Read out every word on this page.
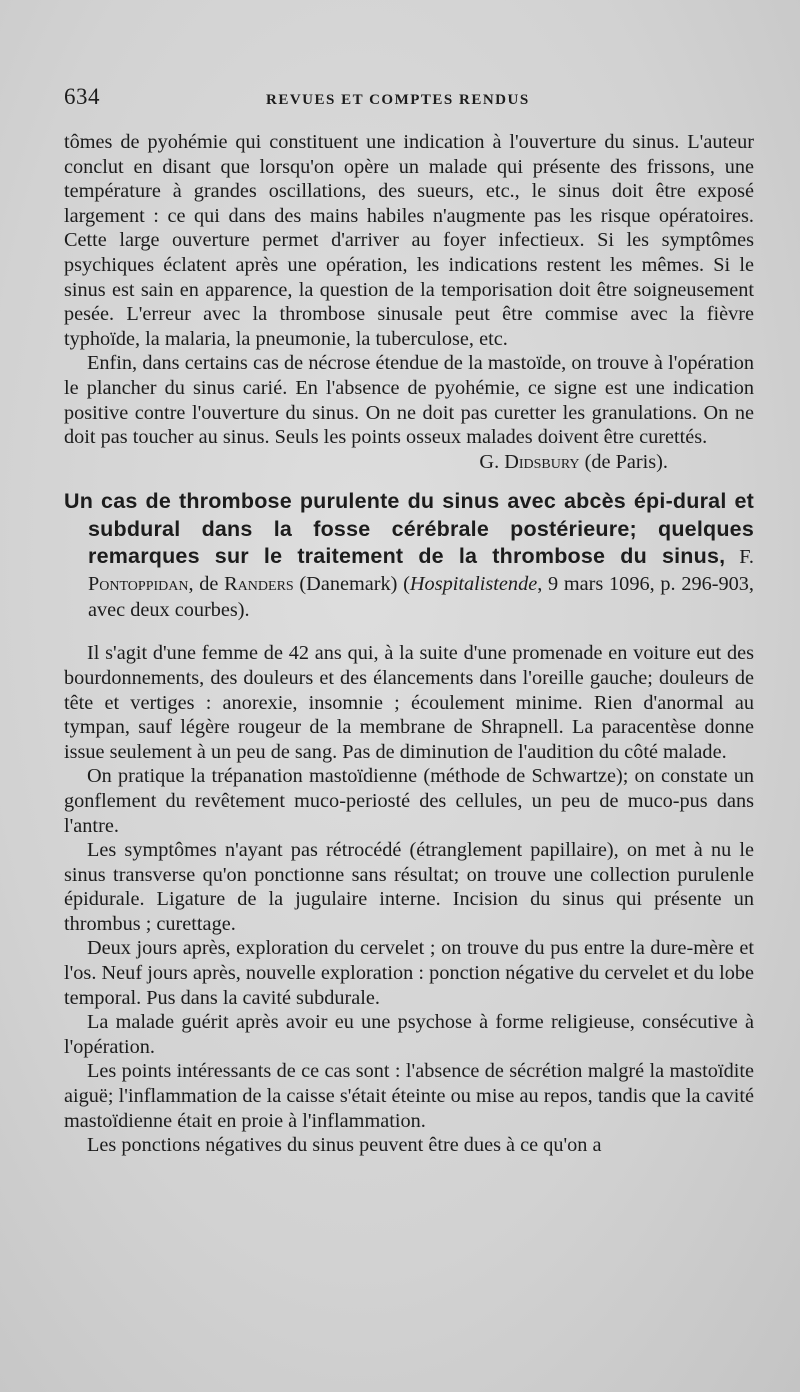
634	REVUES ET COMPTES RENDUS

tômes de pyohémie qui constituent une indication à l'ouverture du sinus. L'auteur conclut en disant que lorsqu'on opère un malade qui présente des frissons, une température à grandes oscillations, des sueurs, etc., le sinus doit être exposé largement : ce qui dans des mains habiles n'augmente pas les risque opératoires. Cette large ouverture permet d'arriver au foyer infectieux. Si les symptômes psychiques éclatent après une opération, les indications restent les mêmes. Si le sinus est sain en apparence, la question de la temporisation doit être soigneusement pesée. L'erreur avec la thrombose sinusale peut être commise avec la fièvre typhoïde, la malaria, la pneumonie, la tuberculose, etc.

Enfin, dans certains cas de nécrose étendue de la mastoïde, on trouve à l'opération le plancher du sinus carié. En l'absence de pyohémie, ce signe est une indication positive contre l'ouverture du sinus. On ne doit pas curetter les granulations. On ne doit pas toucher au sinus. Seuls les points osseux malades doivent être curettés.

G. Didsbury (de Paris).

Un cas de thrombose purulente du sinus avec abcès épi-dural et subdural dans la fosse cérébrale postérieure; quelques remarques sur le traitement de la thrombose du sinus, F. Pontoppidan, de Randers (Danemark) (Hospitalistende, 9 mars 1096, p. 296-903, avec deux courbes).

Il s'agit d'une femme de 42 ans qui, à la suite d'une promenade en voiture eut des bourdonnements, des douleurs et des élancements dans l'oreille gauche; douleurs de tête et vertiges : anorexie, insomnie ; écoulement minime. Rien d'anormal au tympan, sauf légère rougeur de la membrane de Shrapnell. La paracentèse donne issue seulement à un peu de sang. Pas de diminution de l'audition du côté malade.

On pratique la trépanation mastoïdienne (méthode de Schwartze); on constate un gonflement du revêtement muco-periosté des cellules, un peu de muco-pus dans l'antre.

Les symptômes n'ayant pas rétrocédé (étranglement papillaire), on met à nu le sinus transverse qu'on ponctionne sans résultat; on trouve une collection purulenle épidurale. Ligature de la jugulaire interne. Incision du sinus qui présente un thrombus ; curettage.

Deux jours après, exploration du cervelet ; on trouve du pus entre la dure-mère et l'os. Neuf jours après, nouvelle exploration : ponction négative du cervelet et du lobe temporal. Pus dans la cavité subdurale.

La malade guérit après avoir eu une psychose à forme religieuse, consécutive à l'opération.

Les points intéressants de ce cas sont : l'absence de sécrétion malgré la mastoïdite aiguë; l'inflammation de la caisse s'était éteinte ou mise au repos, tandis que la cavité mastoïdienne était en proie à l'inflammation.

Les ponctions négatives du sinus peuvent être dues à ce qu'on a
